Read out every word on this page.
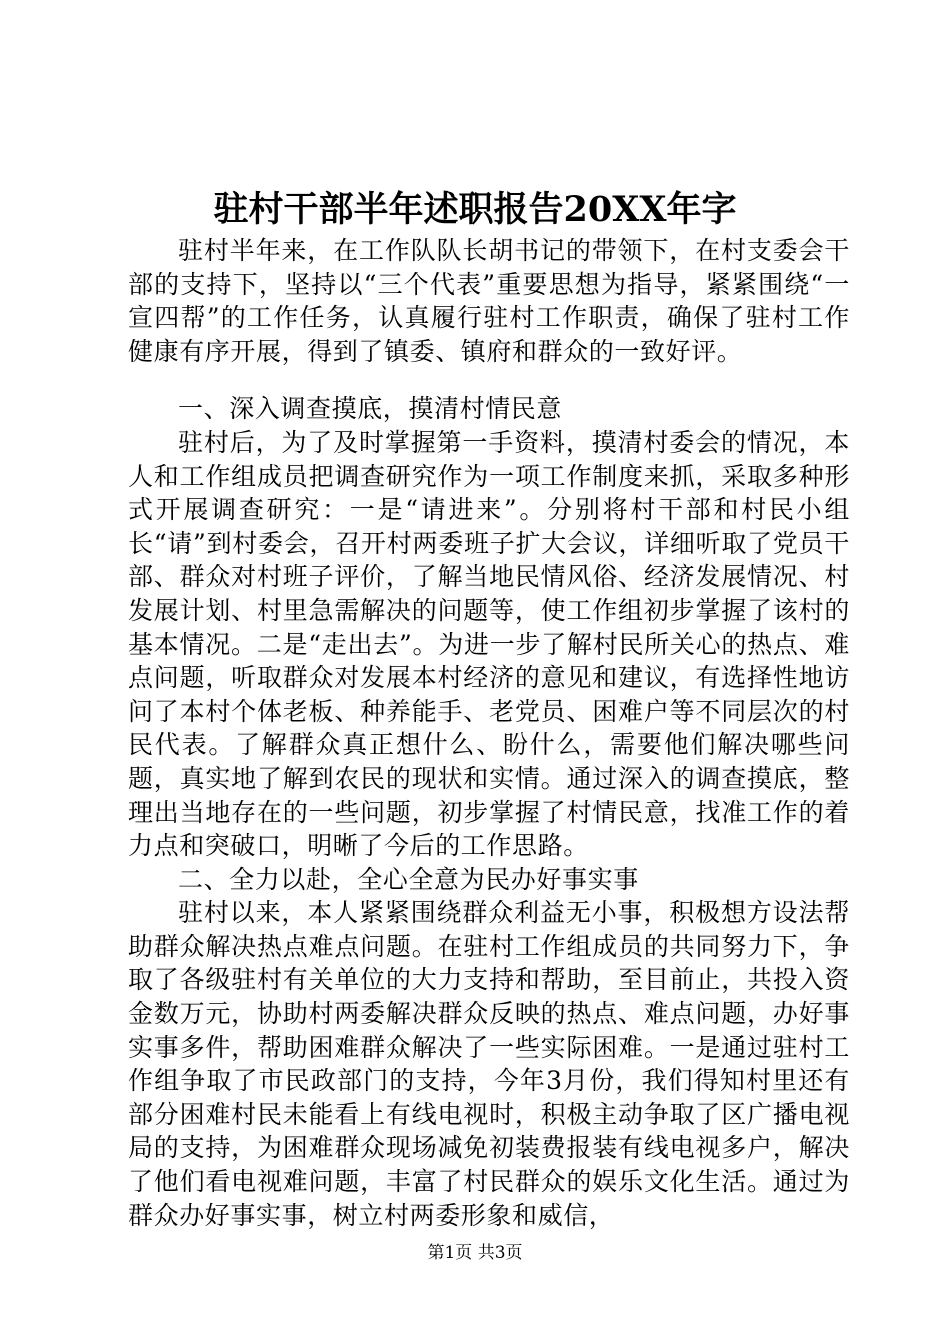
驻村干部半年述职报告20XX年字

驻村半年来，在工作队队长胡书记的带领下，在村支委会干部的支持下，坚持以“三个代表”重要思想为指导，紧紧围绕“一宣四帮”的工作任务，认真履行驻村工作职责，确保了驻村工作健康有序开展，得到了镇委、镇府和群众的一致好评。

一、深入调查摸底，摸清村情民意

驻村后，为了及时掌握第一手资料，摸清村委会的情况，本人和工作组成员把调查研究作为一项工作制度来抓，采取多种形式开展调查研究：一是“请进来”。分别将村干部和村民小组长“请”到村委会，召开村两委班子扩大会议，详细听取了党员干部、群众对村班子评价，了解当地民情风俗、经济发展情况、村发展计划、村里急需解决的问题等，使工作组初步掌握了该村的基本情况。二是“走出去”。为进一步了解村民所关心的热点、难点问题，听取群众对发展本村经济的意见和建议，有选择性地访问了本村个体老板、种养能手、老党员、困难户等不同层次的村民代表。了解群众真正想什么、盼什么，需要他们解决哪些问题，真实地了解到农民的现状和实情。通过深入的调查摸底，整理出当地存在的一些问题，初步掌握了村情民意，找准工作的着力点和突破口，明晰了今后的工作思路。

二、全力以赴，全心全意为民办好事实事

驻村以来，本人紧紧围绕群众利益无小事，积极想方设法帮助群众解决热点难点问题。在驻村工作组成员的共同努力下，争取了各级驻村有关单位的大力支持和帮助，至目前止，共投入资金数万元，协助村两委解决群众反映的热点、难点问题，办好事实事多件，帮助困难群众解决了一些实际困难。一是通过驻村工作组争取了市民政部门的支持，今年3月份，我们得知村里还有部分困难村民未能看上有线电视时，积极主动争取了区广播电视局的支持，为困难群众现场减免初装费报装有线电视多户，解决了他们看电视难问题，丰富了村民群众的娱乐文化生活。通过为群众办好事实事，树立村两委形象和威信，

第1页 共3页
